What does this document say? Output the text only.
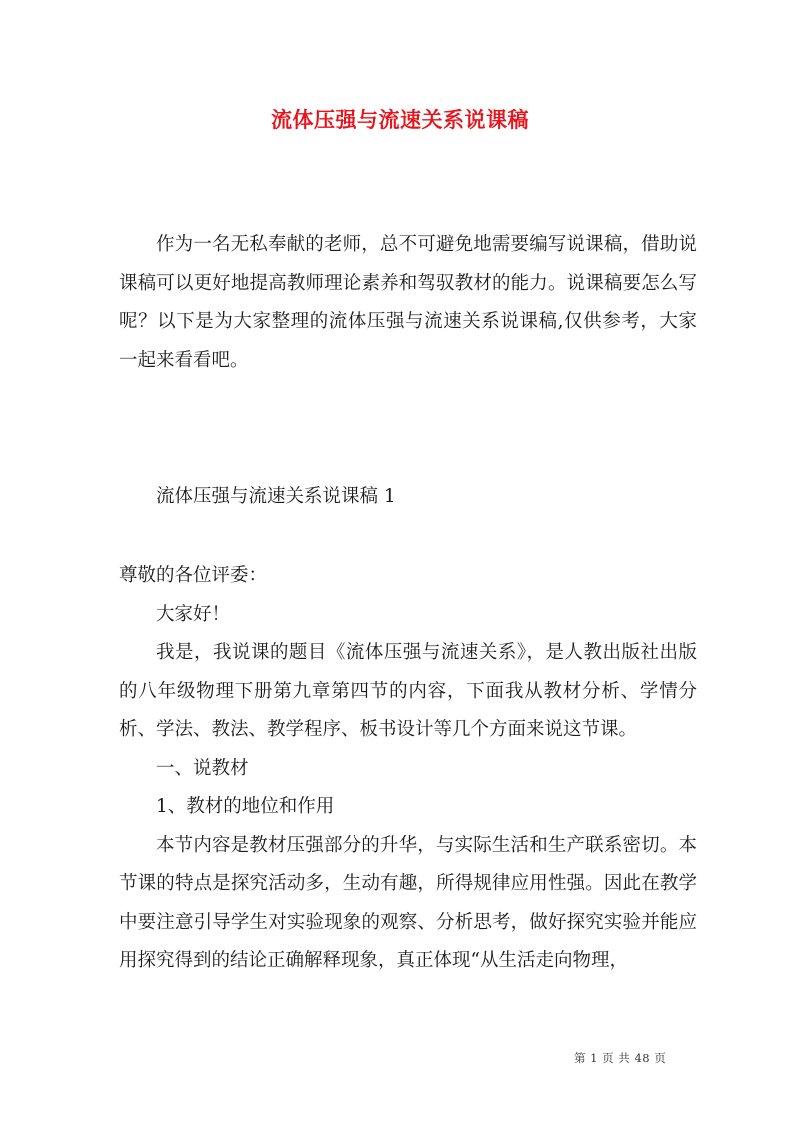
流体压强与流速关系说课稿

作为一名无私奉献的老师，总不可避免地需要编写说课稿，借助说课稿可以更好地提高教师理论素养和驾驭教材的能力。说课稿要怎么写呢？以下是为大家整理的流体压强与流速关系说课稿,仅供参考，大家一起来看看吧。

流体压强与流速关系说课稿 1

尊敬的各位评委：

大家好！

我是，我说课的题目《流体压强与流速关系》，是人教出版社出版的八年级物理下册第九章第四节的内容，下面我从教材分析、学情分析、学法、教法、教学程序、板书设计等几个方面来说这节课。

一、说教材

1、教材的地位和作用

本节内容是教材压强部分的升华，与实际生活和生产联系密切。本节课的特点是探究活动多，生动有趣，所得规律应用性强。因此在教学中要注意引导学生对实验现象的观察、分析思考，做好探究实验并能应用探究得到的结论正确解释现象，真正体现“从生活走向物理，

第 1 页 共 48 页
